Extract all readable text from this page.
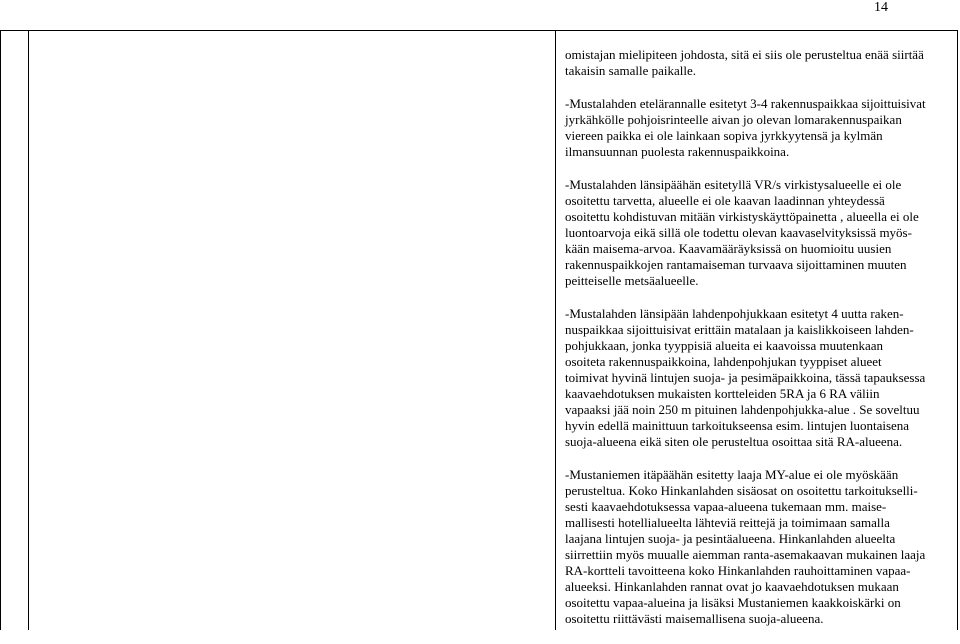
14

omistajan mielipiteen johdosta, sitä ei siis ole perusteltua enää siirtää
takaisin samalle paikalle.

-Mustalahden etelärannalle esitetyt 3-4 rakennuspaikkaa sijoittuisivat
jyrkähkölle pohjoisrinteelle aivan jo olevan lomarakennuspaikan
viereen paikka ei ole lainkaan sopiva jyrkkyytensä ja kylmän
ilmansuunnan puolesta rakennuspaikkoina.

-Mustalahden länsipäähän esitetyllä VR/s virkistysalueelle ei ole
osoitettu tarvetta, alueelle ei ole kaavan laadinnan yhteydessä
osoitettu kohdistuvan mitään virkistyskäyttöpainetta , alueella ei ole
luontoarvoja eikä sillä ole todettu olevan kaavaselvityksissä myös-
kään maisema-arvoa. Kaavamääräyksissä on huomioitu uusien
rakennuspaikkojen rantamaiseman turvaava sijoittaminen muuten
peitteiselle metsäalueelle.

-Mustalahden länsipään lahdenpohjukkaan esitetyt 4 uutta raken-
nuspaikkaa sijoittuisivat erittäin matalaan ja kaislikkoiseen lahden-
pohjukkaan, jonka tyyppisiä alueita ei kaavoissa muutenkaan
osoiteta rakennuspaikkoina, lahdenpohjukan tyyppiset alueet
toimivat hyvinä lintujen suoja- ja pesimäpaikkoina, tässä tapauksessa
kaavaehdotuksen mukaisten kortteleiden 5RA ja 6 RA väliin
vapaaksi jää noin 250 m pituinen lahdenpohjukka-alue . Se soveltuu
hyvin edellä mainittuun tarkoitukseensa esim. lintujen luontaisena
suoja-alueena eikä siten ole perusteltua osoittaa sitä RA-alueena.

-Mustaniemen itäpäähän esitetty laaja MY-alue ei ole myöskään
perusteltua. Koko Hinkanlahden sisäosat on osoitettu tarkoitukselli-
sesti kaavaehdotuksessa vapaa-alueena tukemaan mm. maise-
mallisesti hotellialueelta lähteviä reittejä ja toimimaan samalla
laajana lintujen suoja- ja pesintäalueena. Hinkanlahden alueelta
siirrettiin myös muualle aiemman ranta-asemakaavan mukainen laaja
RA-kortteli tavoitteena koko Hinkanlahden rauhoittaminen vapaa-
alueeksi. Hinkanlahden rannat ovat jo kaavaehdotuksen mukaan
osoitettu vapaa-alueina ja lisäksi Mustaniemen kaakkoiskärki on
osoitettu riittävästi maisemallisena suoja-alueena.
